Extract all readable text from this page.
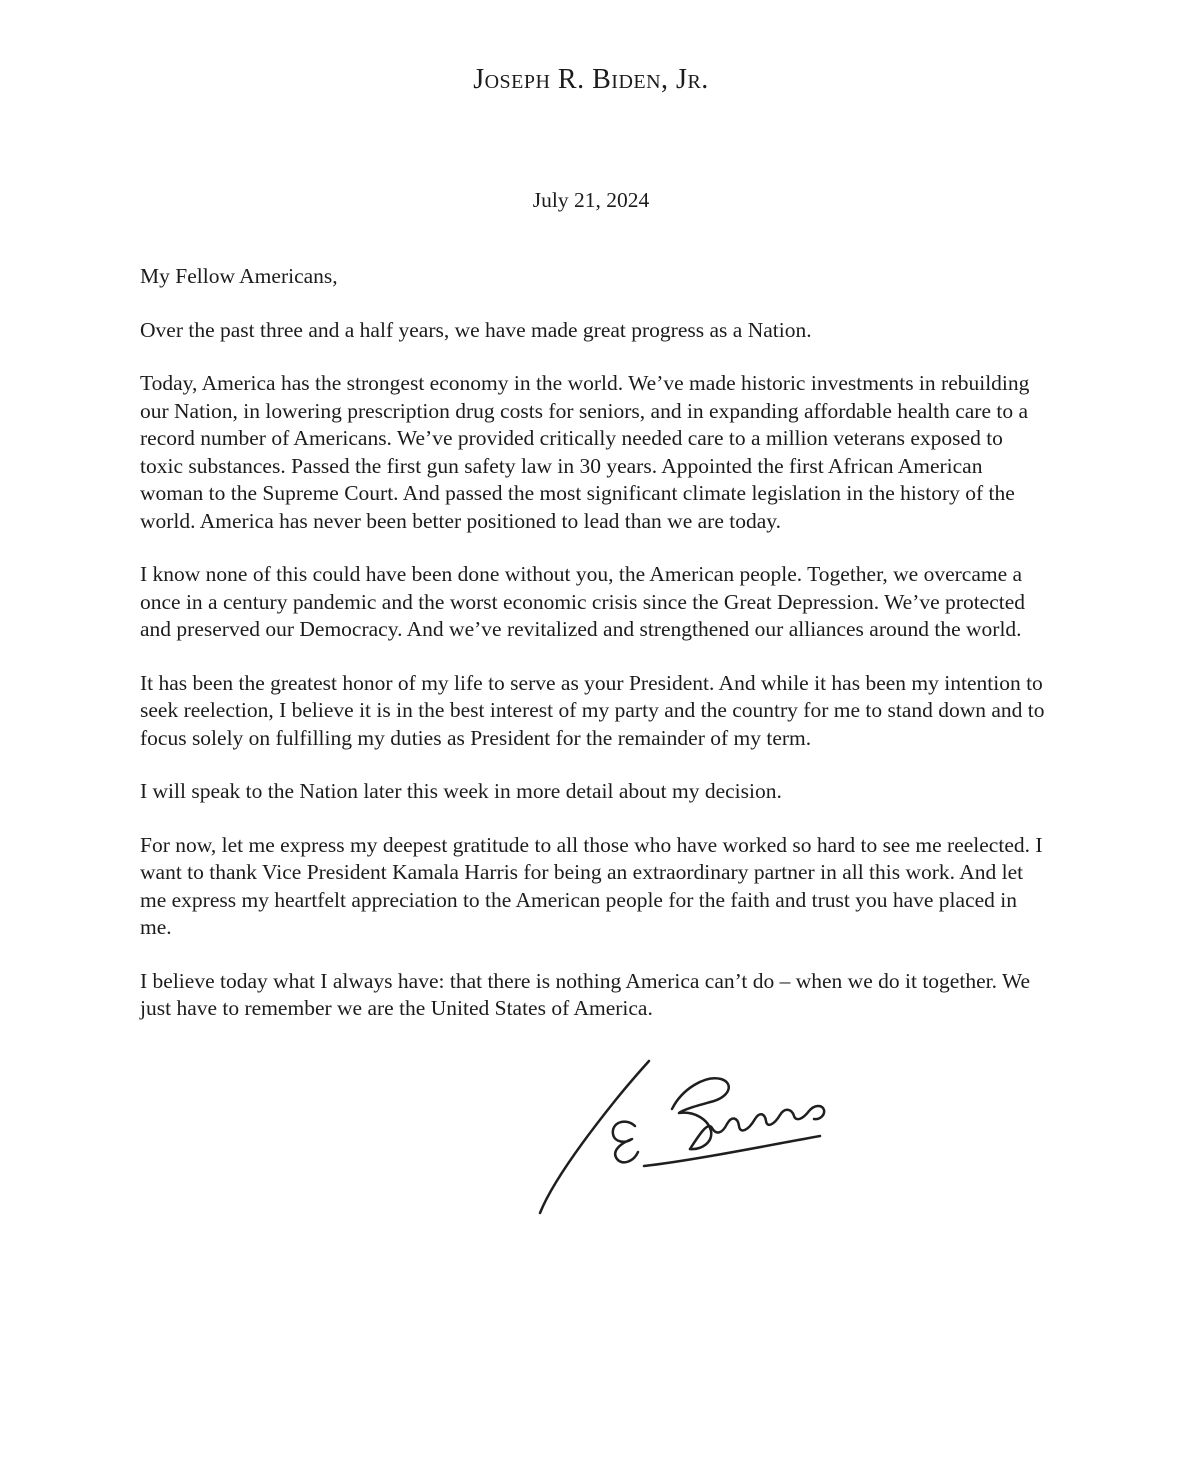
Joseph R. Biden, Jr.
July 21, 2024

My Fellow Americans,

Over the past three and a half years, we have made great progress as a Nation.

Today, America has the strongest economy in the world. We’ve made historic investments in rebuilding our Nation, in lowering prescription drug costs for seniors, and in expanding affordable health care to a record number of Americans. We’ve provided critically needed care to a million veterans exposed to toxic substances. Passed the first gun safety law in 30 years. Appointed the first African American woman to the Supreme Court. And passed the most significant climate legislation in the history of the world. America has never been better positioned to lead than we are today.

I know none of this could have been done without you, the American people. Together, we overcame a once in a century pandemic and the worst economic crisis since the Great Depression. We’ve protected and preserved our Democracy. And we’ve revitalized and strengthened our alliances around the world.

It has been the greatest honor of my life to serve as your President. And while it has been my intention to seek reelection, I believe it is in the best interest of my party and the country for me to stand down and to focus solely on fulfilling my duties as President for the remainder of my term.

I will speak to the Nation later this week in more detail about my decision.

For now, let me express my deepest gratitude to all those who have worked so hard to see me reelected. I want to thank Vice President Kamala Harris for being an extraordinary partner in all this work. And let me express my heartfelt appreciation to the American people for the faith and trust you have placed in me.

I believe today what I always have: that there is nothing America can’t do – when we do it together. We just have to remember we are the United States of America.
